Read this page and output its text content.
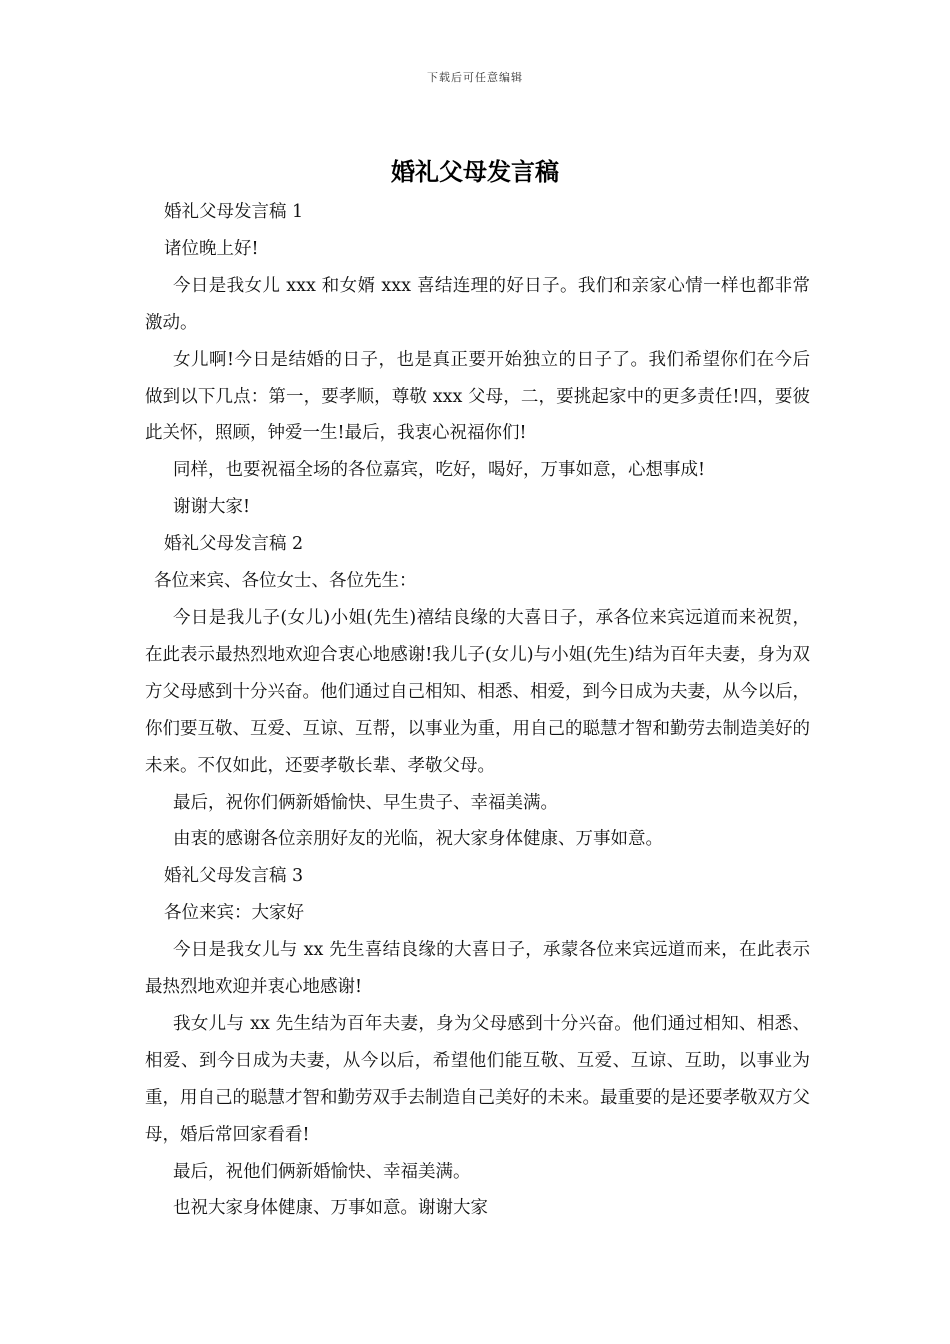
下载后可任意编辑
婚礼父母发言稿

婚礼父母发言稿 1

诸位晚上好!

今日是我女儿 xxx 和女婿 xxx 喜结连理的好日子。我们和亲家心情一样也都非常激动。

女儿啊!今日是结婚的日子，也是真正要开始独立的日子了。我们希望你们在今后做到以下几点：第一，要孝顺，尊敬 xxx 父母，二，要挑起家中的更多责任!四，要彼此关怀，照顾，钟爱一生!最后，我衷心祝福你们!

同样，也要祝福全场的各位嘉宾，吃好，喝好，万事如意，心想事成!

谢谢大家!

婚礼父母发言稿 2

各位来宾、各位女士、各位先生：

今日是我儿子(女儿)小姐(先生)禧结良缘的大喜日子，承各位来宾远道而来祝贺，在此表示最热烈地欢迎合衷心地感谢!我儿子(女儿)与小姐(先生)结为百年夫妻，身为双方父母感到十分兴奋。他们通过自己相知、相悉、相爱，到今日成为夫妻，从今以后，你们要互敬、互爱、互谅、互帮，以事业为重，用自己的聪慧才智和勤劳去制造美好的未来。不仅如此，还要孝敬长辈、孝敬父母。

最后，祝你们俩新婚愉快、早生贵子、幸福美满。

由衷的感谢各位亲朋好友的光临，祝大家身体健康、万事如意。

婚礼父母发言稿 3

各位来宾：大家好

今日是我女儿与 xx 先生喜结良缘的大喜日子，承蒙各位来宾远道而来，在此表示最热烈地欢迎并衷心地感谢!

我女儿与 xx 先生结为百年夫妻，身为父母感到十分兴奋。他们通过相知、相悉、相爱、到今日成为夫妻，从今以后，希望他们能互敬、互爱、互谅、互助，以事业为重，用自己的聪慧才智和勤劳双手去制造自己美好的未来。最重要的是还要孝敬双方父母，婚后常回家看看!

最后，祝他们俩新婚愉快、幸福美满。

也祝大家身体健康、万事如意。谢谢大家
